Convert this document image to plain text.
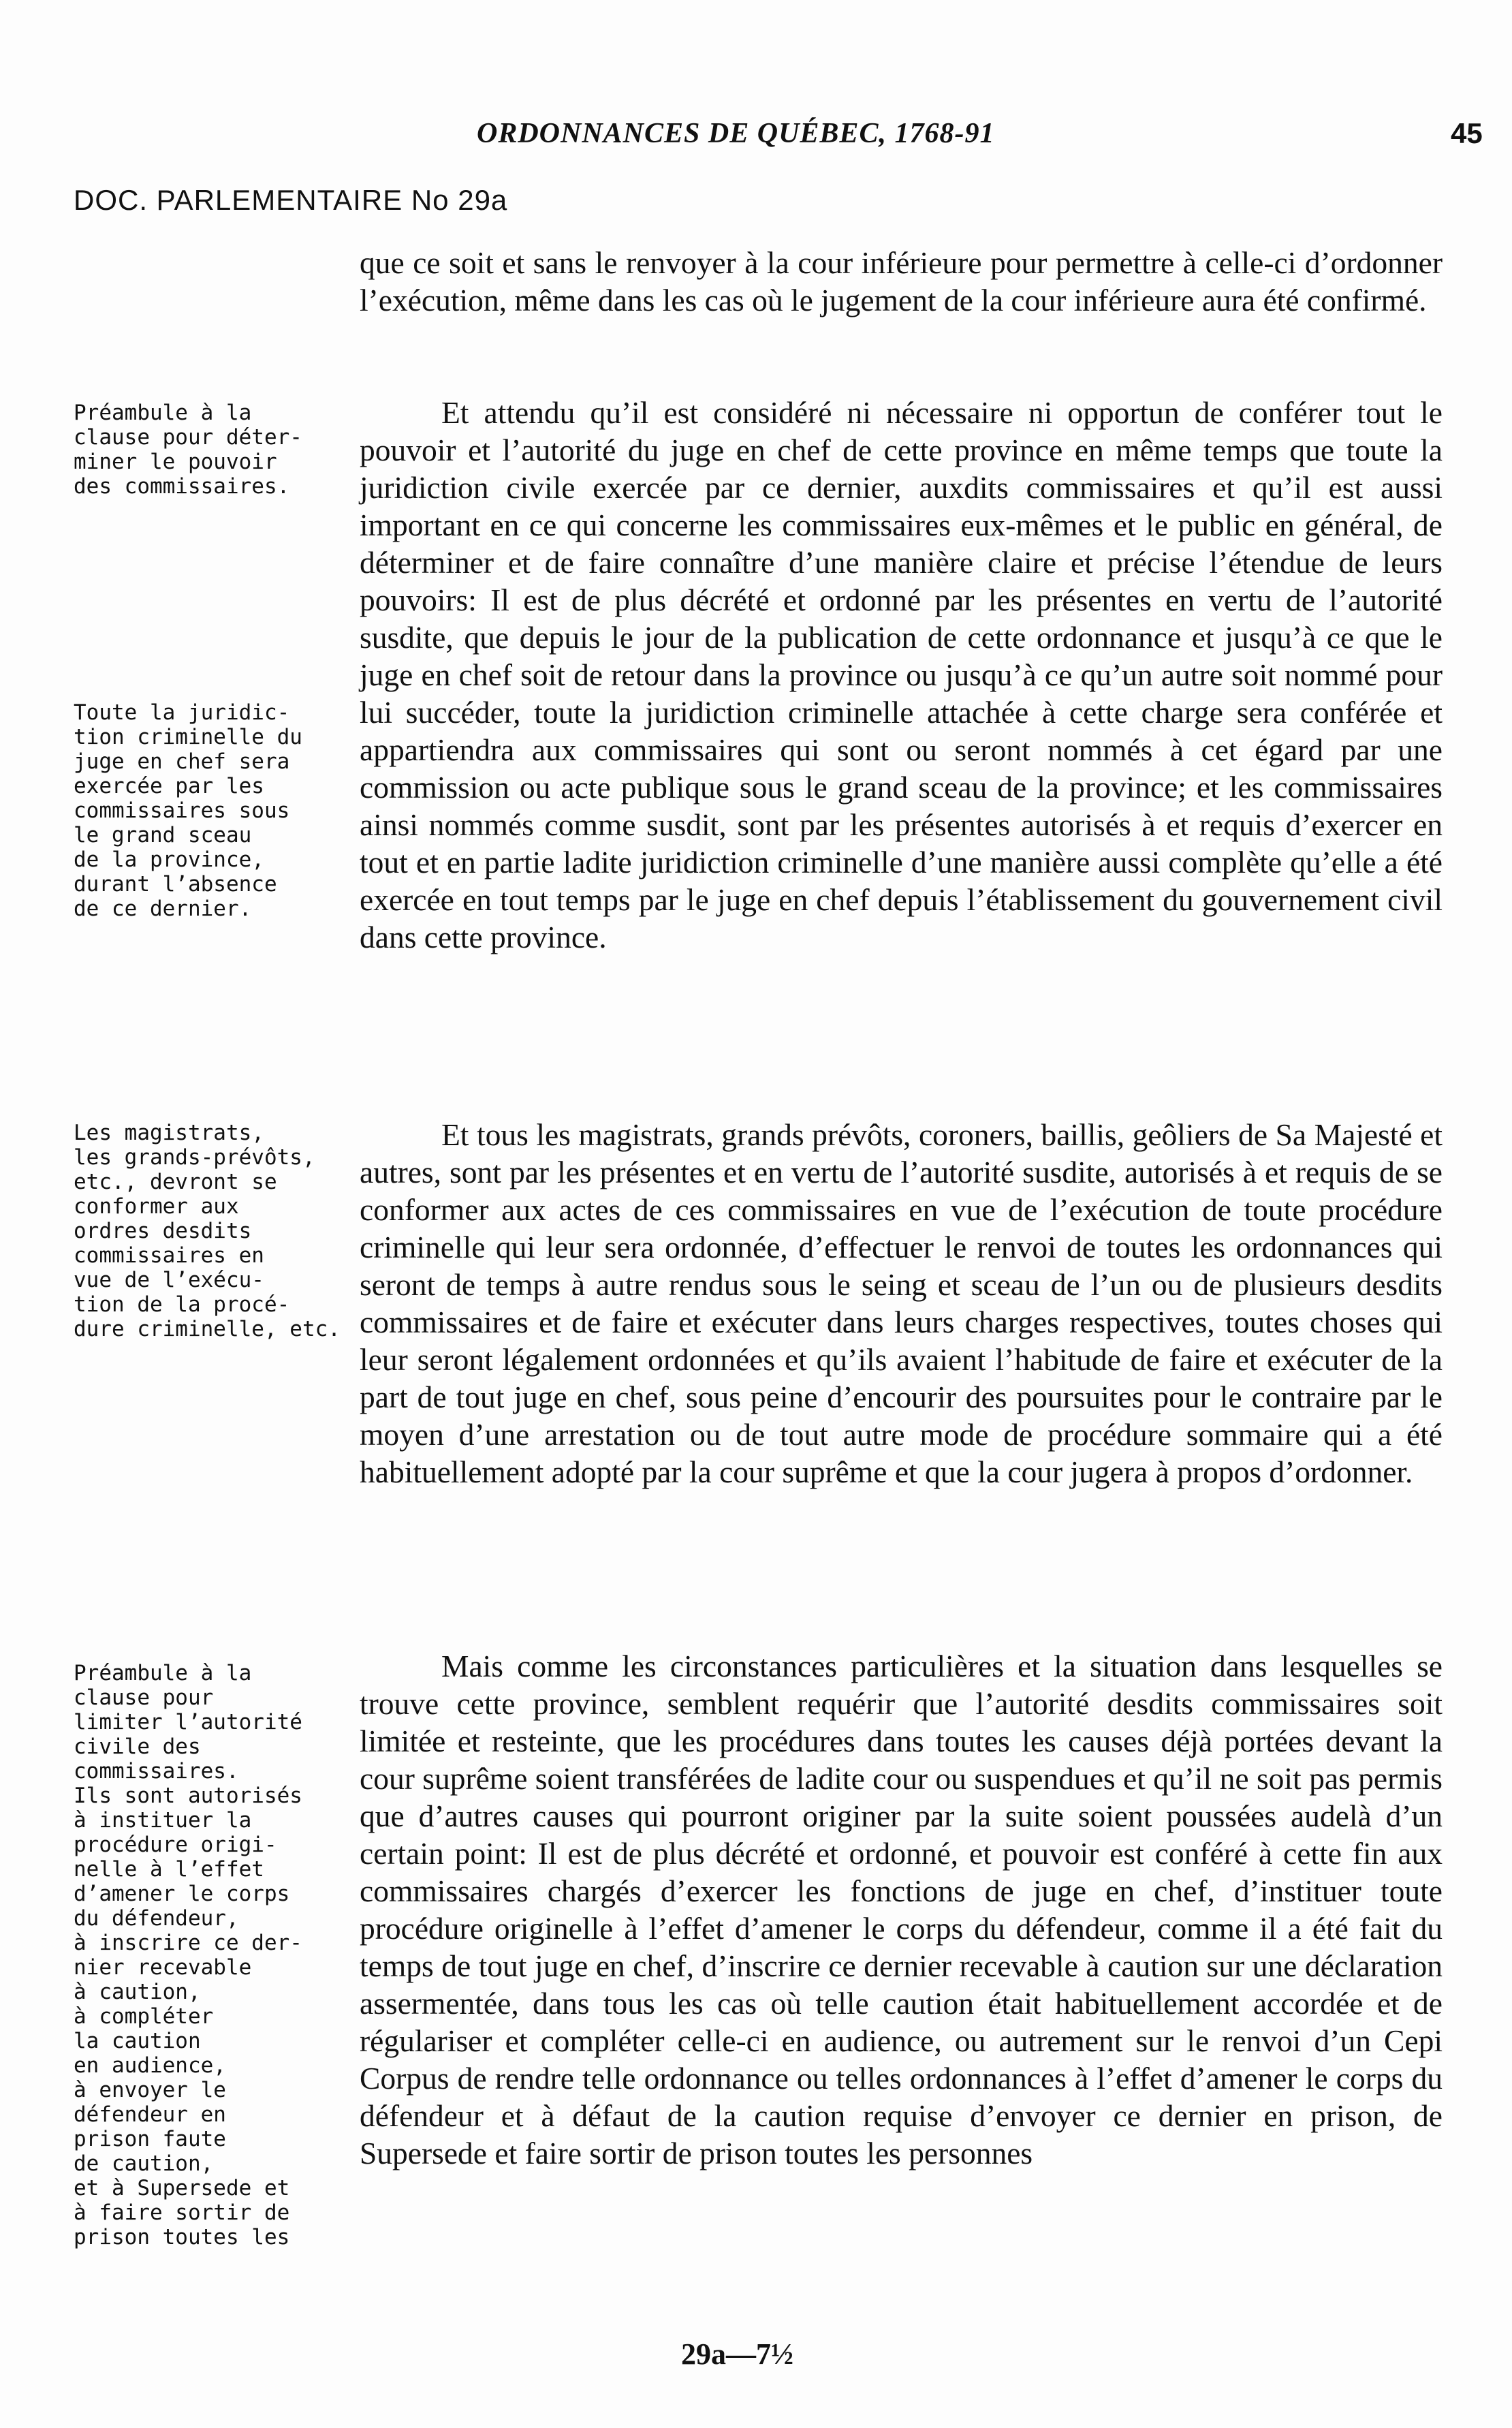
ORDONNANCES DE QUÉBEC, 1768-91	45
DOC. PARLEMENTAIRE No 29a

que ce soit et sans le renvoyer à la cour inférieure pour permettre à celle-ci d’ordonner l’exécution, même dans les cas où le jugement de la cour inférieure aura été confirmé.

Préambule à la
clause pour déter-
miner le pouvoir
des commissaires.

Et attendu qu’il est considéré ni nécessaire ni opportun de conférer tout le pouvoir et l’autorité du juge en chef de cette province en même temps que toute la juridiction civile exercée par ce dernier, auxdits commissaires et qu’il est aussi important en ce qui concerne les commissaires eux-mêmes et le public en général, de déterminer et de faire connaître d’une manière claire et précise l’étendue de leurs pouvoirs: Il est de plus décrété et ordonné par les présentes en vertu de l’autorité susdite, que depuis le jour de la publication de cette ordonnance et jusqu’à ce que le juge en chef soit de retour dans la province ou jusqu’à ce qu’un autre soit nommé pour lui succéder, toute la juridiction criminelle attachée à cette charge sera conférée et appartiendra aux commissaires qui sont ou seront nommés à cet égard par une commission ou acte publique sous le grand sceau de la province; et les commissaires ainsi nommés comme susdit, sont par les présentes autorisés à et requis d’exercer en tout et en partie ladite juridiction criminelle d’une manière aussi complète qu’elle a été exercée en tout temps par le juge en chef depuis l’établissement du gouvernement civil dans cette province.

Toute la juridic-
tion criminelle du
juge en chef sera
exercée par les
commissaires sous
le grand sceau
de la province,
durant l’absence
de ce dernier.

Les magistrats,
les grands-prévôts,
etc., devront se
conformer aux
ordres desdits
commissaires en
vue de l’exécu-
tion de la procé-
dure criminelle, etc.

Et tous les magistrats, grands prévôts, coroners, baillis, geôliers de Sa Majesté et autres, sont par les présentes et en vertu de l’autorité susdite, autorisés à et requis de se conformer aux actes de ces commissaires en vue de l’exécution de toute procédure criminelle qui leur sera ordonnée, d’effectuer le renvoi de toutes les ordonnances qui seront de temps à autre rendus sous le seing et sceau de l’un ou de plusieurs desdits commissaires et de faire et exécuter dans leurs charges respectives, toutes choses qui leur seront légalement ordonnées et qu’ils avaient l’habitude de faire et exécuter de la part de tout juge en chef, sous peine d’encourir des poursuites pour le contraire par le moyen d’une arrestation ou de tout autre mode de procédure sommaire qui a été habituellement adopté par la cour suprême et que la cour jugera à propos d’ordonner.

Préambule à la
clause pour
limiter l’autorité
civile des
commissaires.
Ils sont autorisés
à instituer la
procédure origi-
nelle à l’effet
d’amener le corps
du défendeur,
à inscrire ce der-
nier recevable
à caution,
à compléter
la caution
en audience,
à envoyer le
défendeur en
prison faute
de caution,
et à Supersede et
à faire sortir de
prison toutes les

Mais comme les circonstances particulières et la situation dans lesquelles se trouve cette province, semblent requérir que l’autorité desdits commissaires soit limitée et resteinte, que les procédures dans toutes les causes déjà portées devant la cour suprême soient transférées de ladite cour ou suspendues et qu’il ne soit pas permis que d’autres causes qui pourront originer par la suite soient poussées audelà d’un certain point: Il est de plus décrété et ordonné, et pouvoir est conféré à cette fin aux commissaires chargés d’exercer les fonctions de juge en chef, d’instituer toute procédure originelle à l’effet d’amener le corps du défendeur, comme il a été fait du temps de tout juge en chef, d’inscrire ce dernier recevable à caution sur une déclaration assermentée, dans tous les cas où telle caution était habituellement accordée et de régulariser et compléter celle-ci en audience, ou autrement sur le renvoi d’un Cepi Corpus de rendre telle ordonnance ou telles ordonnances à l’effet d’amener le corps du défendeur et à défaut de la caution requise d’envoyer ce dernier en prison, de Supersede et faire sortir de prison toutes les personnes

29a—7½
